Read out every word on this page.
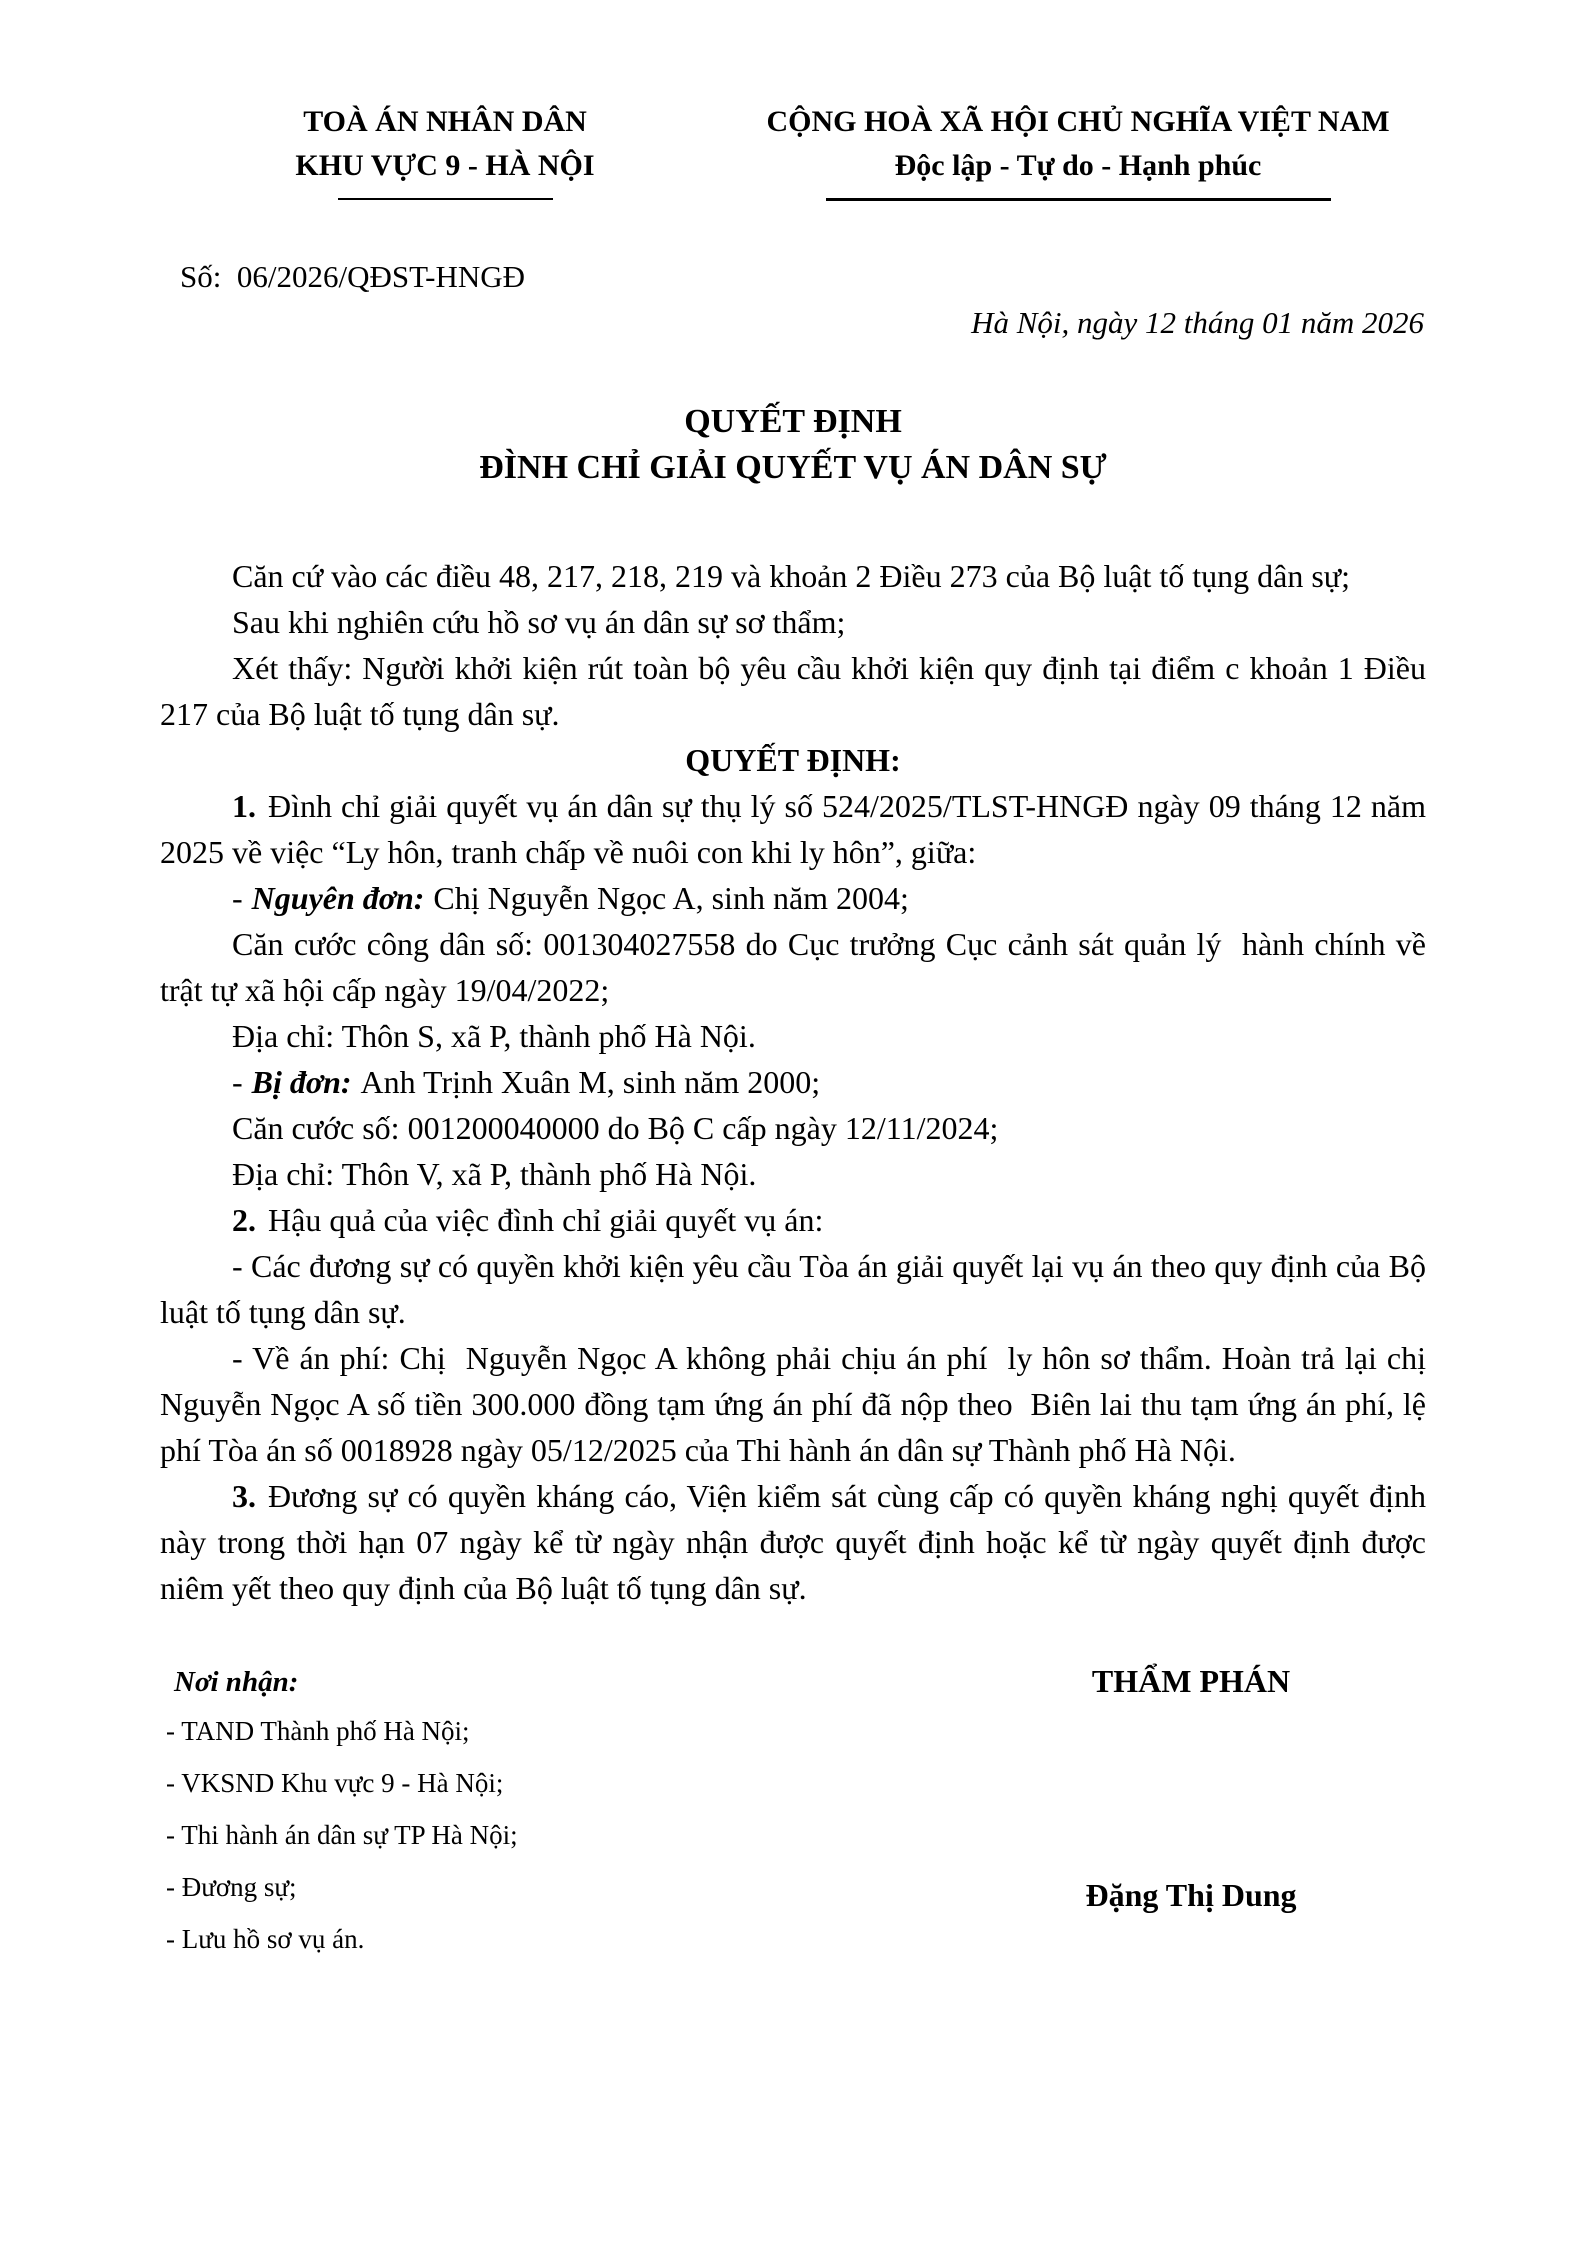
TOÀ ÁN NHÂN DÂN
KHU VỰC 9 - HÀ NỘI
CỘNG HOÀ XÃ HỘI CHỦ NGHĨA VIỆT NAM
Độc lập - Tự do - Hạnh phúc
Số:  06/2026/QĐST-HNGĐ
Hà Nội, ngày 12 tháng 01 năm 2026
QUYẾT ĐỊNH
ĐÌNH CHỈ GIẢI QUYẾT VỤ ÁN DÂN SỰ

Căn cứ vào các điều 48, 217, 218, 219 và khoản 2 Điều 273 của Bộ luật tố tụng dân sự;

Sau khi nghiên cứu hồ sơ vụ án dân sự sơ thẩm;

Xét thấy: Người khởi kiện rút toàn bộ yêu cầu khởi kiện quy định tại điểm c khoản 1 Điều 217 của Bộ luật tố tụng dân sự.

QUYẾT ĐỊNH:

1. Đình chỉ giải quyết vụ án dân sự thụ lý số 524/2025/TLST-HNGĐ ngày 09 tháng 12 năm 2025 về việc “Ly hôn, tranh chấp về nuôi con khi ly hôn”, giữa:

- Nguyên đơn: Chị Nguyễn Ngọc A, sinh năm 2004;

Căn cước công dân số: 001304027558 do Cục trưởng Cục cảnh sát quản lý  hành chính về trật tự xã hội cấp ngày 19/04/2022;

Địa chỉ: Thôn S, xã P, thành phố Hà Nội.

- Bị đơn: Anh Trịnh Xuân M, sinh năm 2000;

Căn cước số: 001200040000 do Bộ C cấp ngày 12/11/2024;

Địa chỉ: Thôn V, xã P, thành phố Hà Nội.

2. Hậu quả của việc đình chỉ giải quyết vụ án:

- Các đương sự có quyền khởi kiện yêu cầu Tòa án giải quyết lại vụ án theo quy định của Bộ luật tố tụng dân sự.

- Về án phí: Chị  Nguyễn Ngọc A không phải chịu án phí  ly hôn sơ thẩm. Hoàn trả lại chị Nguyễn Ngọc A số tiền 300.000 đồng tạm ứng án phí đã nộp theo  Biên lai thu tạm ứng án phí, lệ phí Tòa án số 0018928 ngày 05/12/2025 của Thi hành án dân sự Thành phố Hà Nội.

3. Đương sự có quyền kháng cáo, Viện kiểm sát cùng cấp có quyền kháng nghị quyết định này trong thời hạn 07 ngày kể từ ngày nhận được quyết định hoặc kể từ ngày quyết định được niêm yết theo quy định của Bộ luật tố tụng dân sự.

Nơi nhận:
- TAND Thành phố Hà Nội;
- VKSND Khu vực 9 - Hà Nội;
- Thi hành án dân sự TP Hà Nội;
- Đương sự;
- Lưu hồ sơ vụ án.
THẨM PHÁN
Đặng Thị Dung
